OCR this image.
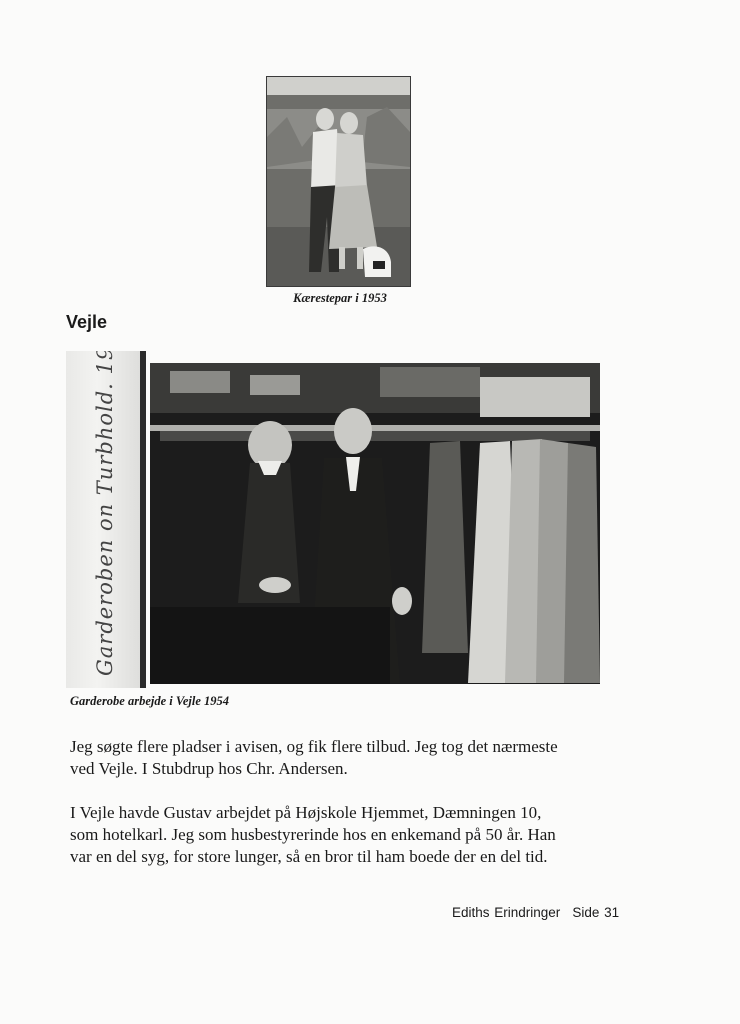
Kærestepar i 1953
Vejle
Garderoben on Turbhold. 1954
Garderobe arbejde i Vejle 1954
Jeg søgte flere pladser i avisen, og fik flere tilbud. Jeg tog det nærmeste
ved Vejle. I Stubdrup hos Chr. Andersen.
I Vejle havde Gustav arbejdet på Højskole Hjemmet, Dæmningen 10,
som hotelkarl. Jeg som husbestyrerinde hos en enkemand på 50 år. Han
var en del syg, for store lunger, så en bror til ham boede der en del tid.
Ediths Erindringer Side 31
